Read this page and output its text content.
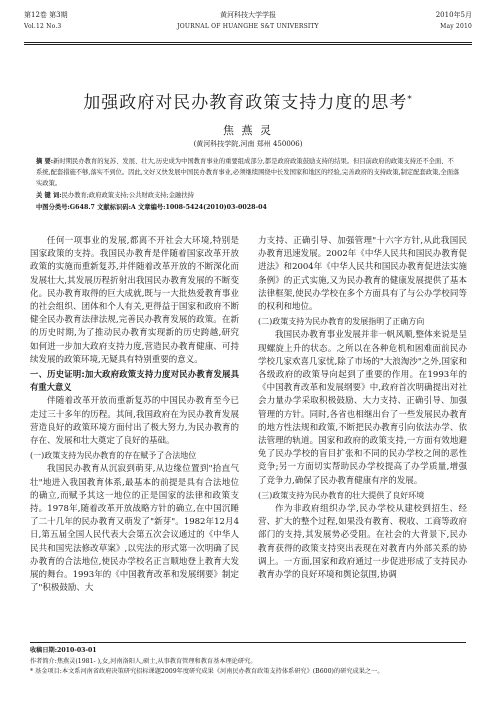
第12卷 第3期
Vol.12 No.3
黄河科技大学学报
JOURNAL OF HUANGHE S&T UNIVERSITY
2010年5月
May 2010
加强政府对民办教育政策支持力度的思考*
焦 燕 灵
(黄河科技学院,河南 郑州 450006)
摘 要:新时期民办教育的复苏、发展、壮大,历史成为中国教育事业的重要组成部分,都是政府政策鼓励支持的结果。但目前政府的政策支持还不全面、不系统,配套措施不够,落实不到位。因此,文好又快发展中国民办教育事业,必须继续围绕中长发国家和地区的经验,完善政府的支持政策,制定配套政策,全面落实政策。
关 键 词:民办教育;政府政策支持;公共财政支持;金融扶持
中图分类号:G648.7 文献标识码:A 文章编号:1008-5424(2010)03-0028-04

任何一项事业的发展,都离不开社会大环境,特别是国家政策的支持。我国民办教育是伴随着国家改革开放政策的实施而重新复苏,并伴随着改革开放的不断深化而发展壮大,其发展历程折射出我国民办教育发展的不断变化。民办教育取得的巨大成就,既与一大批热爱教育事业的社会组织、团体和个人有关,更得益于国家和政府不断健全民办教育法律法规,完善民办教育发展的政策。在新的历史时期,为了推动民办教育实现新的历史跨越,研究如何进一步加大政府支持力度,营造民办教育健康、可持续发展的政策环境,无疑具有特别重要的意义。

一、历史证明:加大政府政策支持力度对民办教育发展具有重大意义

伴随着改革开放而重新复苏的中国民办教育至今已走过三十多年的历程。其间,我国政府在为民办教育发展营造良好的政策环境方面付出了极大努力,为民办教育的存在、发展和壮大奠定了良好的基础。

(一)政策支持为民办教育的存在赋予了合法地位

我国民办教育从沉寂到萌芽,从边缘位置到"拾直气壮"地进入我国教育体系,最基本的前提是具有合法地位的确立,而赋予其这一地位的正是国家的法律和政策支持。1978年,随着改革开放战略方针的确立,在中国沉睡了二十几年的民办教育又萌发了"新芽"。1982年12月4日,第五届全国人民代表大会第五次会议通过的《中华人民共和国宪法修改草案》,以宪法的形式第一次明确了民办教育的合法地位,使民办学校名正言顺地登上教育大发展的舞台。1993年的《中国教育改革和发展纲要》制定了"积极鼓励、大

力支持、正确引导、加强管理"十六字方针,从此我国民办教育迅速发展。2002年《中华人民共和国民办教育促进法》和2004年《中华人民共和国民办教育促进法实施条例》的正式实施,又为民办教育的健康发展提供了基本法律框架,使民办学校在多个方面具有了与公办学校同等的权利和地位。

(二)政策支持为民办教育的发展指明了正确方向

我国民办教育事业发展并非一帆风顺,整体来说是呈现螺旋上升的状态。之所以在各种危机和困难面前民办学校几家欢喜几家忧,除了市场的"大浪淘沙"之外,国家和各级政府的政策导向起到了重要的作用。在1993年的《中国教育改革和发展纲要》中,政府首次明确提出对社会力量办学采取积极鼓励、大力支持、正确引导、加强管理的方针。同时,各省也相继出台了一些发展民办教育的地方性法规和政策,不断把民办教育引向依法办学、依法管理的轨道。国家和政府的政策支持,一方面有效地避免了民办学校的盲目扩张和不同的民办学校之间的恶性竞争;另一方面切实帮助民办学校提高了办学质量,增强了竞争力,确保了民办教育健康有序的发展。

(三)政策支持为民办教育的壮大提供了良好环境

作为非政府组织办学,民办学校从建校到招生、经营、扩大的整个过程,如果没有教育、税收、工商等政府部门的支持,其发展势必受阻。在社会的大背景下,民办教育获得的政策支持突出表现在对教育内外部关系的协调上。一方面,国家和政府通过一步促进形成了支持民办教育办学的良好环境和舆论氛围,协调

收稿日期:2010-03-01
作者简介:焦燕灵(1981- ),女,河南洛阳人,硕士,从事教育管理和教育基本理论研究。
* 基金项目:本文系河南省政府决策研究招标课题2009年度研究成果《河南民办教育政策支持体系研究》(B600)的研究成果之一。
